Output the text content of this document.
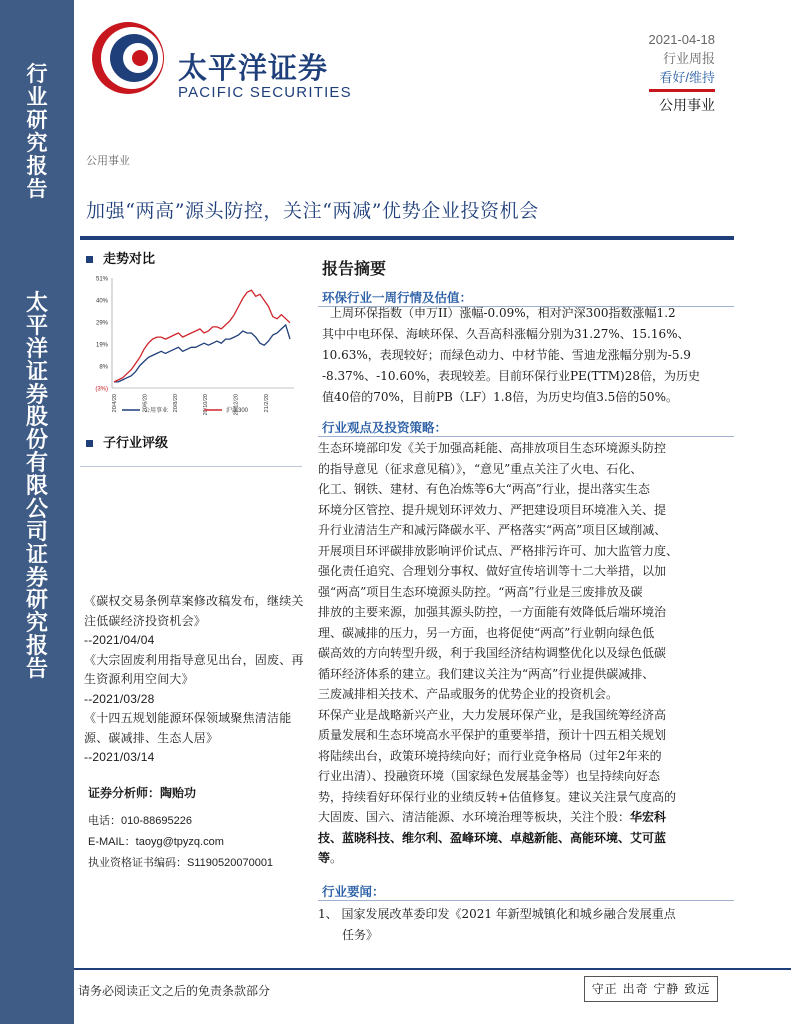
行
业
研
究
报
告
太
平
洋
证
券
股
份
有
限
公
司
证
券
研
究
报
告
太平洋证券
PACIFIC SECURITIES
2021-04-18
行业周报
看好/维持
公用事业
公用事业
加强“两高”源头防控，关注“两减”优势企业投资机会
走势对比
51%
40%
29%
19%
8%
(3%)
20/4/20	20/6/20	20/8/20	20/10/20	20/12/20	21/2/20
公用事业	沪深300
子行业评级

《碳权交易条例草案修改稿发布，继续关注低碳经济投资机会》

--2021/04/04

《大宗固废利用指导意见出台，固废、再生资源利用空间大》

--2021/03/28

《十四五规划能源环保领域聚焦清洁能源、碳减排、生态人居》

--2021/03/14

证券分析师：陶贻功
电话：010-88695226
E-MAIL：taoyg@tpyzq.com
执业资格证书编码：S1190520070001
报告摘要
环保行业一周行情及估值：
上周环保指数（申万II）涨幅-0.09%，相对沪深300指数涨幅1.2
其中中电环保、海峡环保、久吾高科涨幅分别为31.27%、15.16%、
10.63%，表现较好；而绿色动力、中材节能、雪迪龙涨幅分别为-5.9
-8.37%、-10.60%，表现较差。目前环保行业PE(TTM)28倍，为历史
值40倍的70%，目前PB（LF）1.8倍，为历史均值3.5倍的50%。
行业观点及投资策略：
生态环境部印发《关于加强高耗能、高排放项目生态环境源头防控
的指导意见（征求意见稿）》，“意见”重点关注了火电、石化、
化工、钢铁、建材、有色冶炼等6大“两高”行业，提出落实生态
环境分区管控、提升规划环评效力、严把建设项目环境准入关、提
升行业清洁生产和减污降碳水平、严格落实“两高”项目区域削减、
开展项目环评碳排放影响评价试点、严格排污许可、加大监管力度、
强化责任追究、合理划分事权、做好宣传培训等十二大举措，以加
强“两高”项目生态环境源头防控。“两高”行业是三废排放及碳
排放的主要来源，加强其源头防控，一方面能有效降低后端环境治
理、碳减排的压力，另一方面，也将促使“两高”行业朝向绿色低
碳高效的方向转型升级，利于我国经济结构调整优化以及绿色低碳
循环经济体系的建立。我们建议关注为“两高”行业提供碳减排、
三废减排相关技术、产品或服务的优势企业的投资机会。
环保产业是战略新兴产业，大力发展环保产业，是我国统筹经济高
质量发展和生态环境高水平保护的重要举措，预计十四五相关规划
将陆续出台，政策环境持续向好；而行业竞争格局（过年2年来的
行业出清）、投融资环境（国家绿色发展基金等）也呈持续向好态
势，持续看好环保行业的业绩反转+估值修复。建议关注景气度高的
大固废、国六、清洁能源、水环境治理等板块，关注个股：华宏科
技、蓝晓科技、维尔利、盈峰环境、卓越新能、高能环境、艾可蓝
等。
行业要闻：
1、 国家发展改革委印发《2021 年新型城镇化和城乡融合发展重点
任务》
请务必阅读正文之后的免责条款部分	守正 出奇 宁静 致远
